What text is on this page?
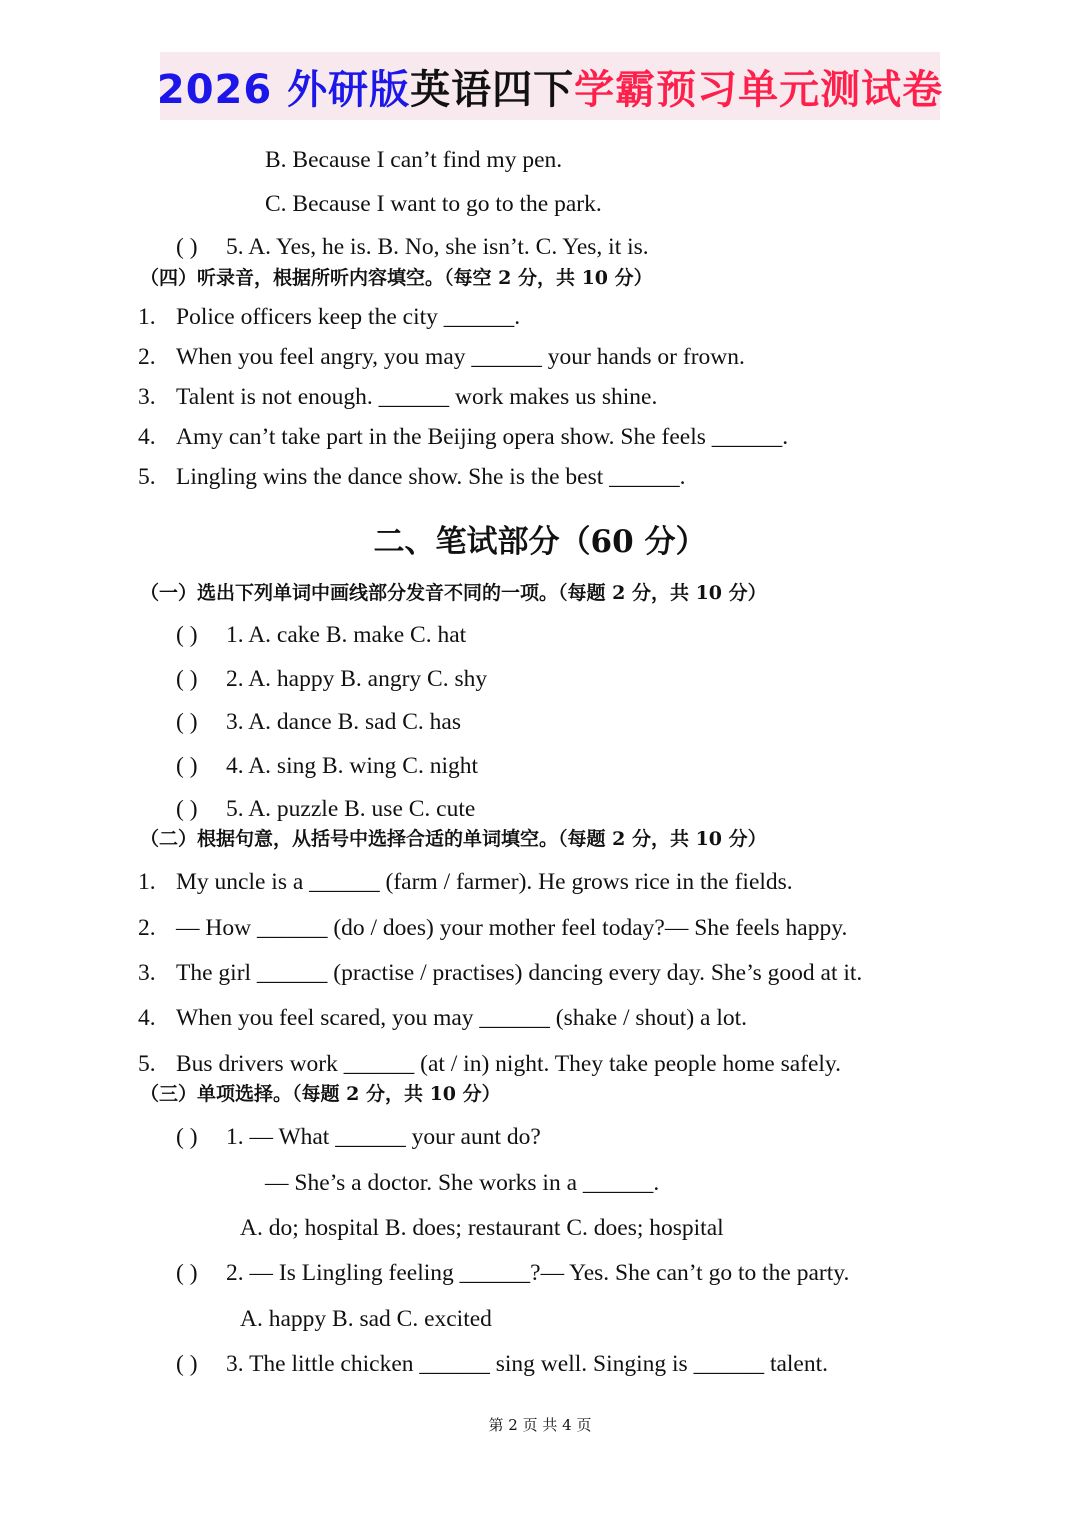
2026 外研版英语四下学霸预习单元测试卷
B. Because I can’t find my pen.
C. Because I want to go to the park.
( ) 5. A. Yes, he is. B. No, she isn’t. C. Yes, it is.
（四）听录音，根据所听内容填空。（每空 2 分，共 10 分）
1. Police officers keep the city ______.
2. When you feel angry, you may ______ your hands or frown.
3. Talent is not enough. ______ work makes us shine.
4. Amy can’t take part in the Beijing opera show. She feels ______.
5. Lingling wins the dance show. She is the best ______.
二、笔试部分（60 分）
（一）选出下列单词中画线部分发音不同的一项。（每题 2 分，共 10 分）
( ) 1. A. cake B. make C. hat
( ) 2. A. happy B. angry C. shy
( ) 3. A. dance B. sad C. has
( ) 4. A. sing B. wing C. night
( ) 5. A. puzzle B. use C. cute
（二）根据句意，从括号中选择合适的单词填空。（每题 2 分，共 10 分）
1. My uncle is a ______ (farm / farmer). He grows rice in the fields.
2. — How ______ (do / does) your mother feel today?— She feels happy.
3. The girl ______ (practise / practises) dancing every day. She’s good at it.
4. When you feel scared, you may ______ (shake / shout) a lot.
5. Bus drivers work ______ (at / in) night. They take people home safely.
（三）单项选择。（每题 2 分，共 10 分）
( ) 1. — What ______ your aunt do?
— She’s a doctor. She works in a ______.
A. do; hospital B. does; restaurant C. does; hospital
( ) 2. — Is Lingling feeling ______?— Yes. She can’t go to the party.
A. happy B. sad C. excited
( ) 3. The little chicken ______ sing well. Singing is ______ talent.
第 2 页 共 4 页
